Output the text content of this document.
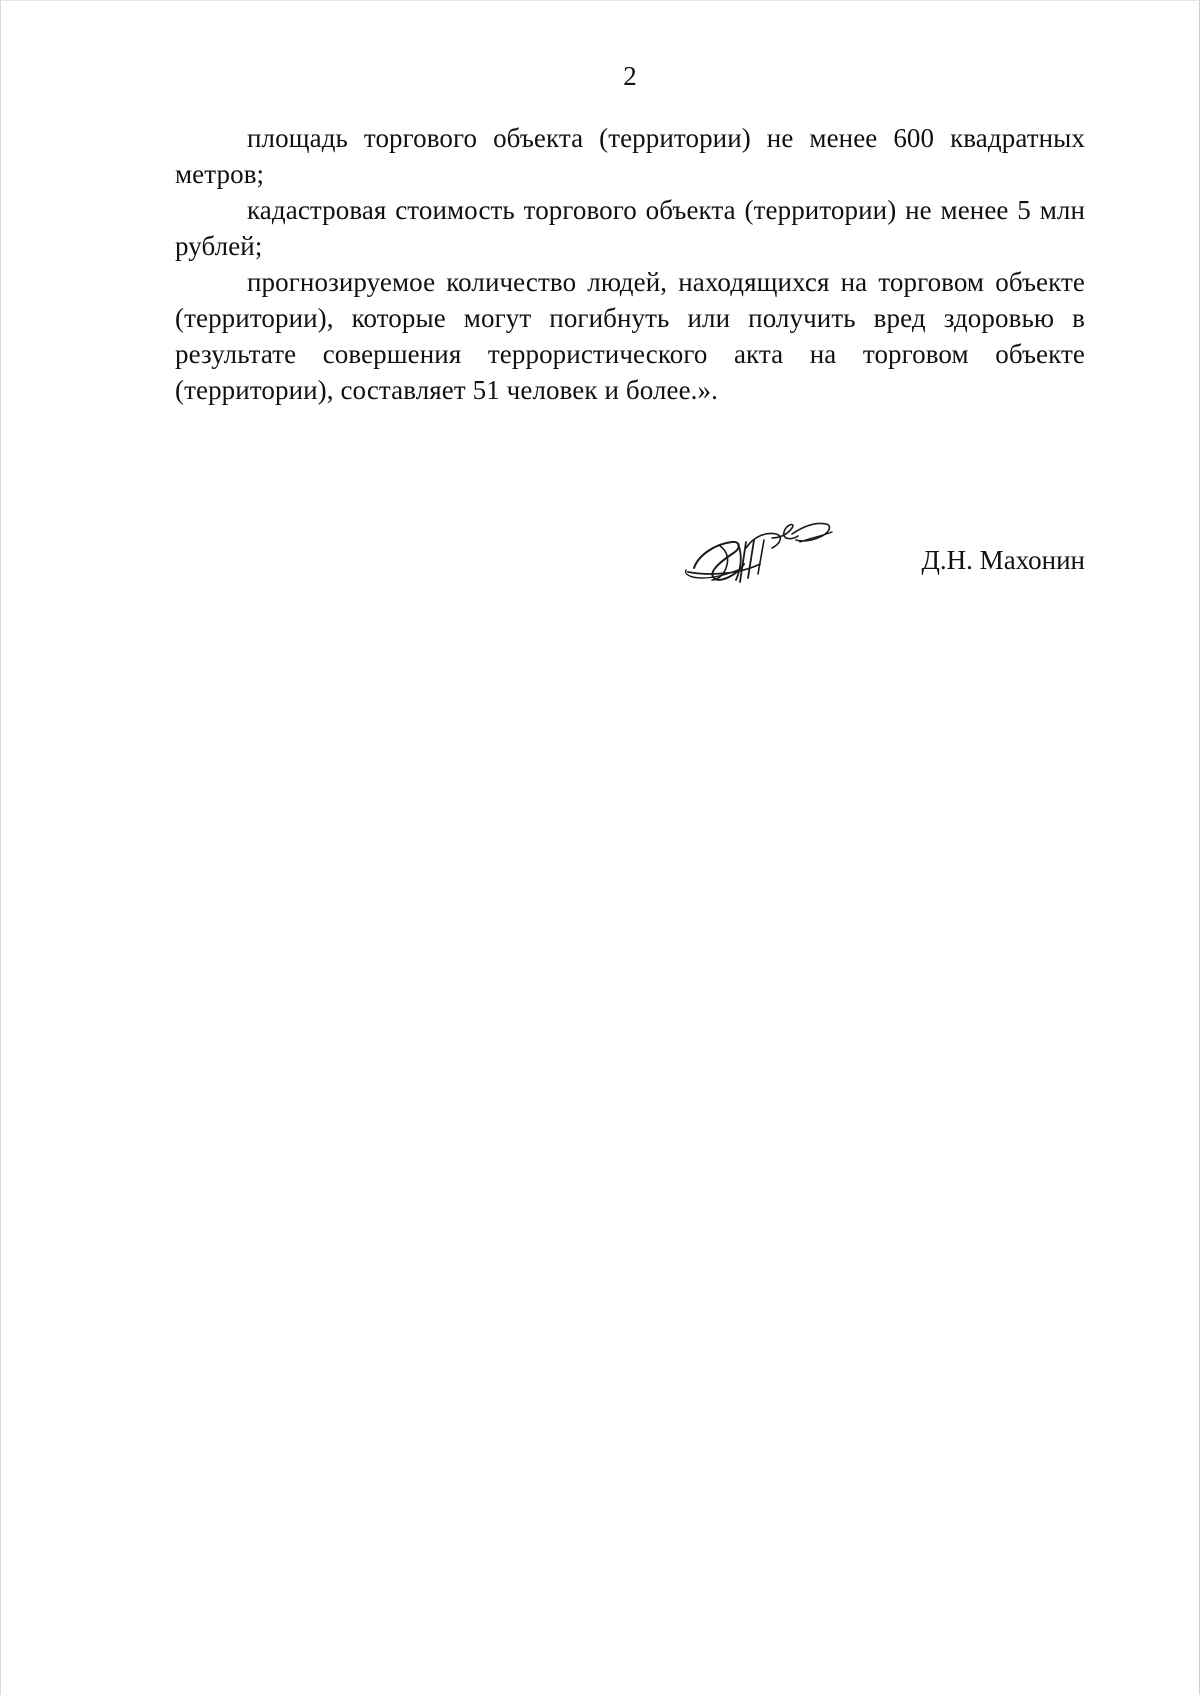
2

площадь торгового объекта (территории) не менее 600 квадратных метров;

кадастровая стоимость торгового объекта (территории) не менее 5 млн рублей;

прогнозируемое количество людей, находящихся на торговом объекте (территории), которые могут погибнуть или получить вред здоровью в результате совершения террористического акта на торговом объекте (территории), составляет 51 человек и более.».

Д.Н. Махонин
